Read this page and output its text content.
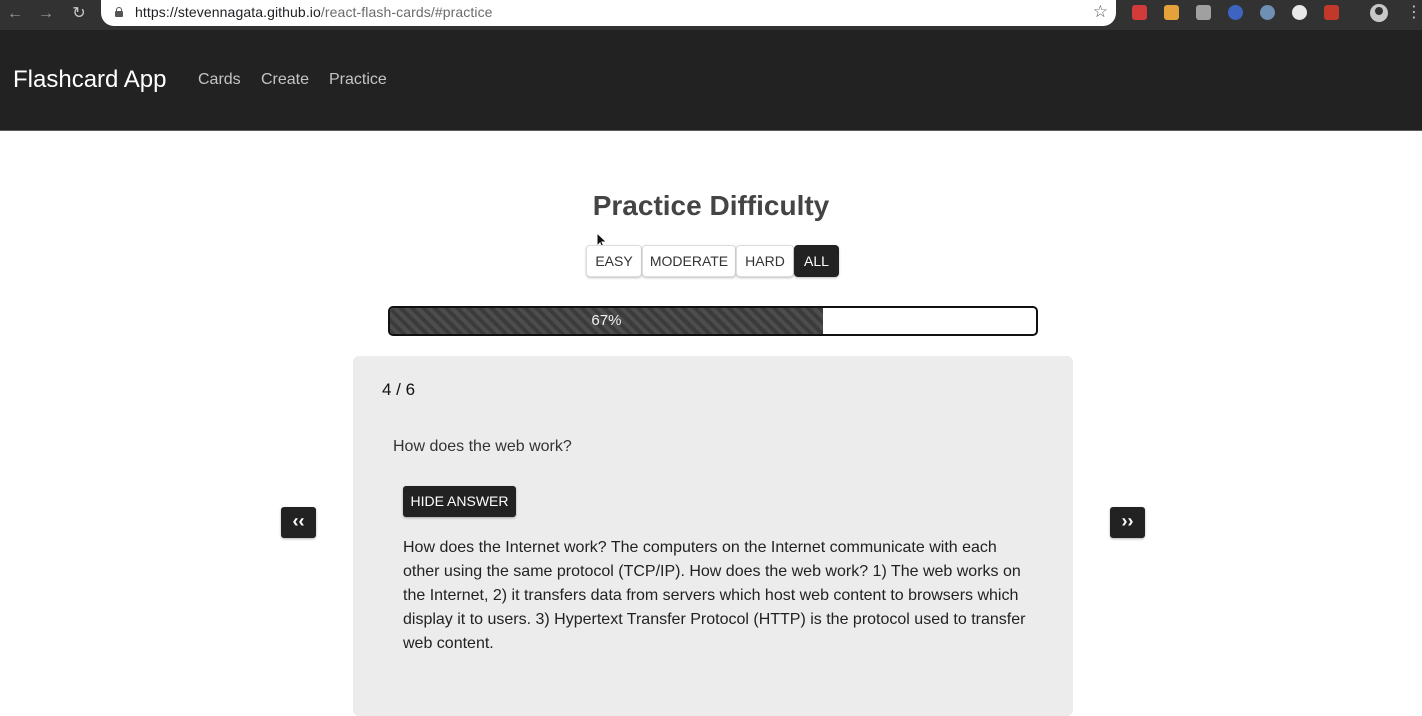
← → ↻	https://stevennagata.github.io/react-flash-cards/#practice	☆	⋮
Flashcard App Cards Create Practice
Practice Difficulty
EASY	MODERATE	HARD	ALL
67%
‹‹	››
4 / 6
How does the web work?
HIDE ANSWER
How does the Internet work? The computers on the Internet communicate with each other using the same protocol (TCP/IP). How does the web work? 1) The web works on the Internet, 2) it transfers data from servers which host web content to browsers which display it to users. 3) Hypertext Transfer Protocol (HTTP) is the protocol used to transfer web content.
